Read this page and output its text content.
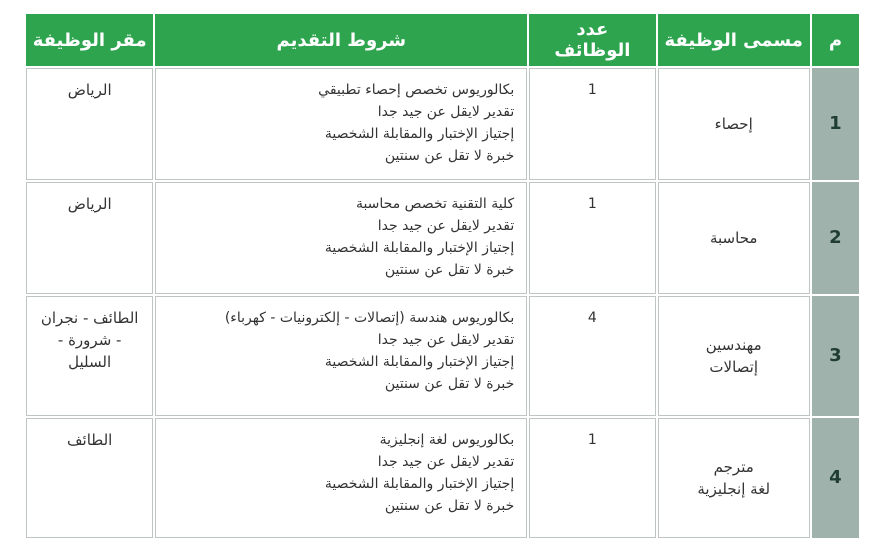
م	مسمى الوظيفة	عدد الوظائف	شروط التقديم	مقر الوظيفة
1	إحصاء	1	بكالوريوس تخصص إحصاء تطبيقي
تقدير لايقل عن جيد جدا
إجتياز الإختبار والمقابلة الشخصية
خبرة لا تقل عن سنتين	الرياض

2	محاسبة	1	كلية التقنية تخصص محاسبة
تقدير لايقل عن جيد جدا
إجتياز الإختبار والمقابلة الشخصية
خبرة لا تقل عن سنتين	الرياض

3	مهندسين
إتصالات	4	بكالوريوس هندسة (إتصالات - إلكترونيات - كهرباء)
تقدير لايقل عن جيد جدا
إجتياز الإختبار والمقابلة الشخصية
خبرة لا تقل عن سنتين	الطائف - نجران
- شرورة -
السليل

4	مترجم
لغة إنجليزية	1	بكالوريوس لغة إنجليزية
تقدير لايقل عن جيد جدا
إجتياز الإختبار والمقابلة الشخصية
خبرة لا تقل عن سنتين	الطائف
